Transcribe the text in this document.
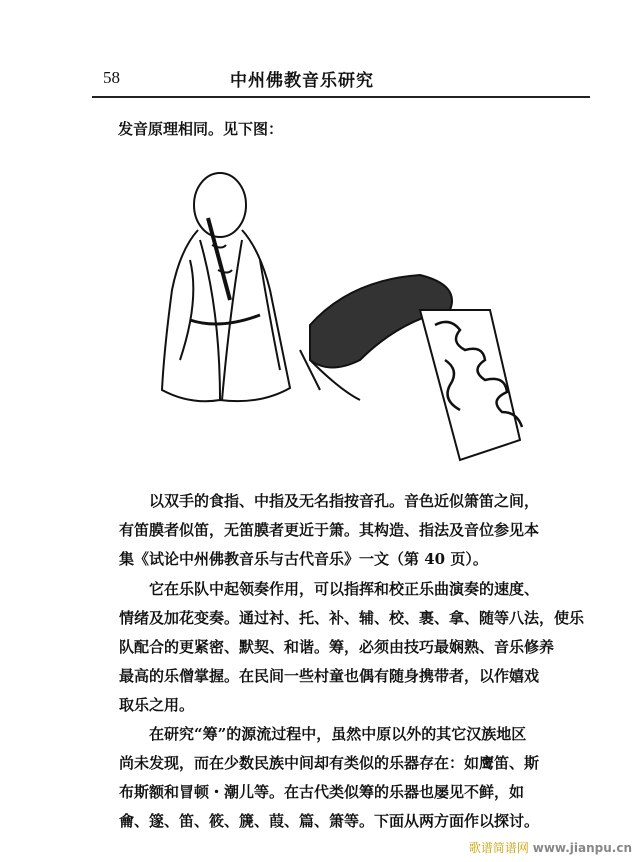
58	中州佛教音乐研究
发音原理相同。见下图：
　　以双手的食指、中指及无名指按音孔。音色近似箫笛之间，
有笛膜者似笛，无笛膜者更近于箫。其构造、指法及音位参见本
集《试论中州佛教音乐与古代音乐》一文（第 40 页）。
　　它在乐队中起领奏作用，可以指挥和校正乐曲演奏的速度、
情绪及加花变奏。通过衬、托、补、辅、校、裹、拿、随等八法，使乐
队配合的更紧密、默契、和谐。筹，必须由技巧最娴熟、音乐修养
最高的乐僧掌握。在民间一些村童也偶有随身携带者，以作嬉戏
取乐之用。
　　在研究“筹”的源流过程中，虽然中原以外的其它汉族地区
尚未发现，而在少数民族中间却有类似的乐器存在：如鹰笛、斯
布斯额和冒顿・潮儿等。在古代类似筹的乐器也屡见不鲜，如
龠、篴、笛、筱、篪、葭、篇、箫等。下面从两方面作以探讨。
歌谱简谱网 www.jianpu.cn
